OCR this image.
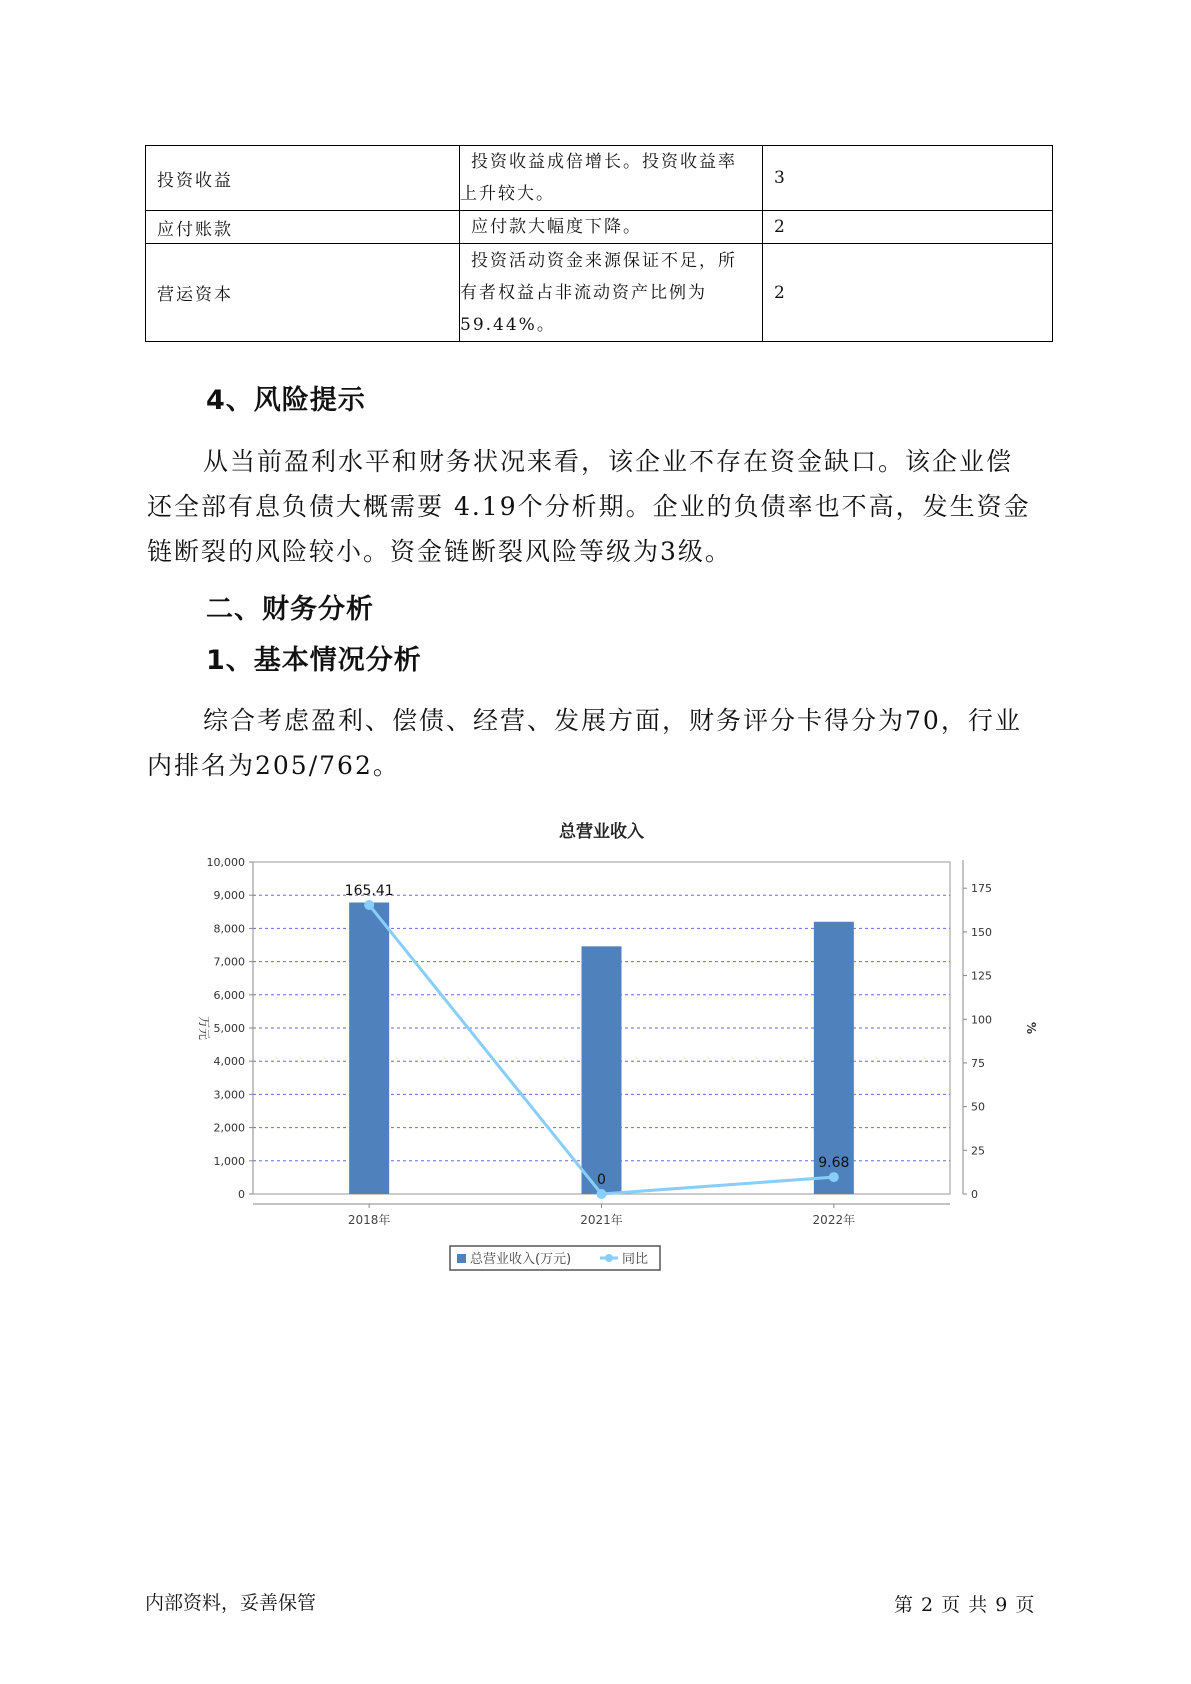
投资收益	投资收益成倍增长。投资收益率
上升较大。	3
应付账款	应付款大幅度下降。	2
营运资本	投资活动资金来源保证不足，所
有者权益占非流动资产比例为
59.44%。	2
4、风险提示

从当前盈利水平和财务状况来看，该企业不存在资金缺口。该企业偿
还全部有息负债大概需要 4.19个分析期。企业的负债率也不高，发生资金
链断裂的风险较小。资金链断裂风险等级为3级。

二、财务分析
1、基本情况分析

综合考虑盈利、偿债、经营、发展方面，财务评分卡得分为70，行业
内排名为205/762。

总营业收入
0
1,000
2,000
3,000
4,000
5,000
6,000
7,000
8,000
9,000
10,000
0
25
50
75
100
125
150
175
万元	%
2018年	2021年	2022年
165.41
0
9.68
总营业收入(万元)	同比
内部资料，妥善保管	第 2 页 共 9 页
